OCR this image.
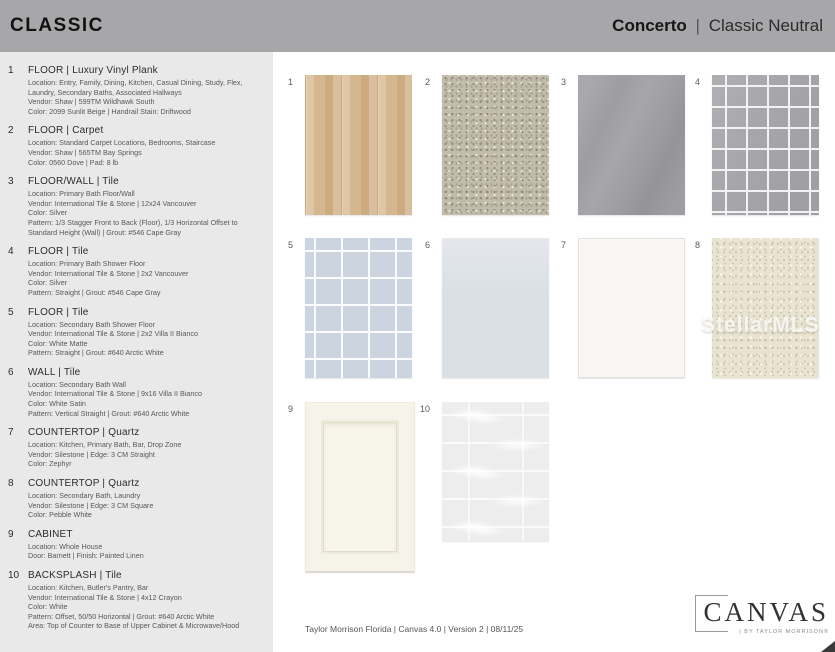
CLASSIC	Concerto | Classic Neutral
1	FLOOR | Luxury Vinyl Plank
Location: Entry, Family, Dining, Kitchen, Casual Dining, Study, Flex, Laundry, Secondary Baths, Associated Hallways
Vendor: Shaw | 599TM Wildhawk South
Color: 2099 Sunlit Beige | Handrail Stain: Driftwood
2	FLOOR | Carpet
Location: Standard Carpet Locations, Bedrooms, Staircase
Vendor: Shaw | 565TM Bay Springs
Color: 0560 Dove | Pad: 8 lb
3	FLOOR/WALL | Tile
Location: Primary Bath Floor/Wall
Vendor: International Tile & Stone | 12x24 Vancouver
Color: Silver
Pattern: 1/3 Stagger Front to Back (Floor), 1/3 Horizontal Offset to Standard Height (Wall) | Grout: #546 Cape Gray
4	FLOOR | Tile
Location: Primary Bath Shower Floor
Vendor: International Tile & Stone | 2x2 Vancouver
Color: Silver
Pattern: Straight | Grout: #546 Cape Gray
5	FLOOR | Tile
Location: Secondary Bath Shower Floor
Vendor: International Tile & Stone | 2x2 Villa II Bianco
Color: White Matte
Pattern: Straight | Grout: #640 Arctic White
6	WALL | Tile
Location: Secondary Bath Wall
Vendor: International Tile & Stone | 9x16 Villa II Bianco
Color: White Satin
Pattern: Vertical Straight | Grout: #640 Arctic White
7	COUNTERTOP | Quartz
Location: Kitchen, Primary Bath, Bar, Drop Zone
Vendor: Silestone | Edge: 3 CM Straight
Color: Zephyr
8	COUNTERTOP | Quartz
Location: Secondary Bath, Laundry
Vendor: Silestone | Edge: 3 CM Square
Color: Pebble White
9	CABINET
Location: Whole House
Door: Barnett | Finish: Painted Linen
10 BACKSPLASH | Tile
Location: Kitchen, Butler's Pantry, Bar
Vendor: International Tile & Stone | 4x12 Crayon
Color: White
Pattern: Offset, 50/50 Horizontal | Grout: #640 Arctic White
Area: Top of Counter to Base of Upper Cabinet & Microwave/Hood
1	2	3	4
5	6	7	8
9	10
StellarMLS
Taylor Morrison Florida | Canvas 4.0 | Version 2 | 08/11/25
CANVAS
| BY TAYLOR MORRISON®
